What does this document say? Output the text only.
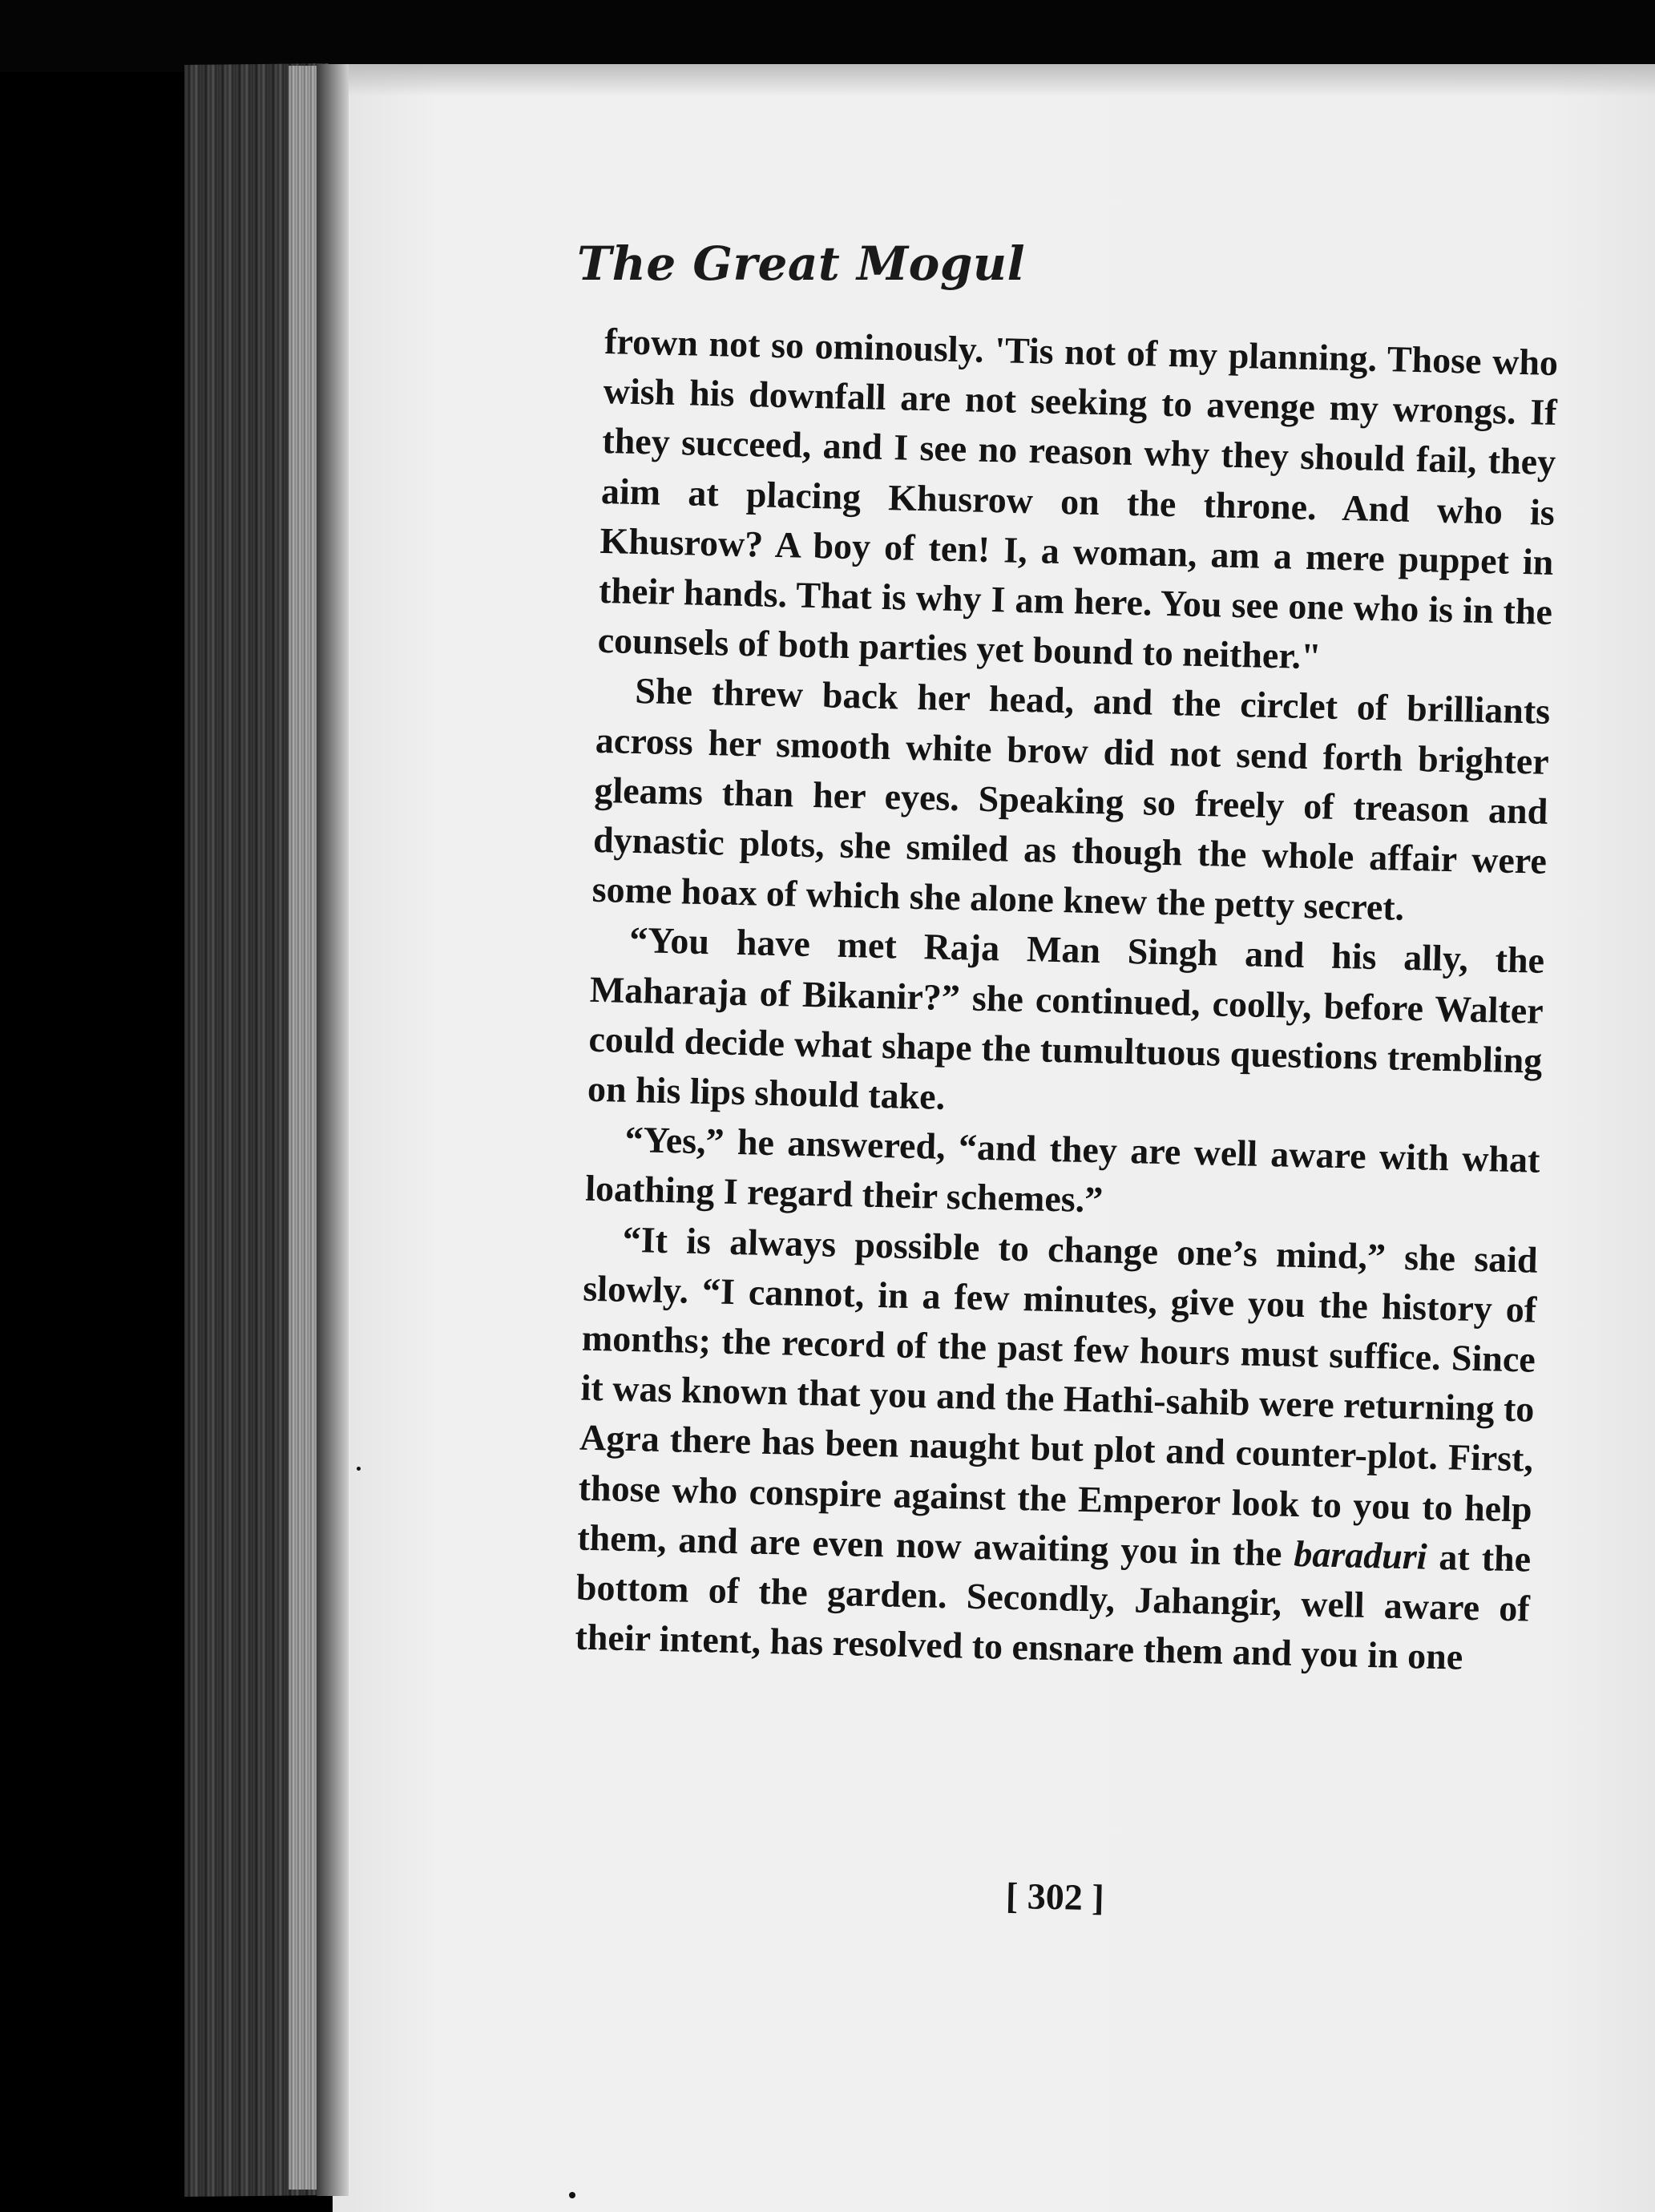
The Great Mogul

frown not so ominously. 'Tis not of my planning. Those who wish his downfall are not seeking to avenge my wrongs. If they succeed, and I see no reason why they should fail, they aim at placing Khusrow on the throne. And who is Khusrow? A boy of ten! I, a woman, am a mere puppet in their hands. That is why I am here. You see one who is in the counsels of both parties yet bound to neither."

She threw back her head, and the circlet of brilliants across her smooth white brow did not send forth brighter gleams than her eyes. Speaking so freely of treason and dynastic plots, she smiled as though the whole affair were some hoax of which she alone knew the petty secret.

“You have met Raja Man Singh and his ally, the Maharaja of Bikanir?” she continued, coolly, before Walter could decide what shape the tumultuous questions trembling on his lips should take.

“Yes,” he answered, “and they are well aware with what loathing I regard their schemes.”

“It is always possible to change one’s mind,” she said slowly. “I cannot, in a few minutes, give you the history of months; the record of the past few hours must suffice. Since it was known that you and the Hathi-sahib were returning to Agra there has been naught but plot and counter-plot. First, those who conspire against the Emperor look to you to help them, and are even now awaiting you in the baraduri at the bottom of the garden. Secondly, Jahangir, well aware of their intent, has resolved to ensnare them and you in one

[ 302 ]
